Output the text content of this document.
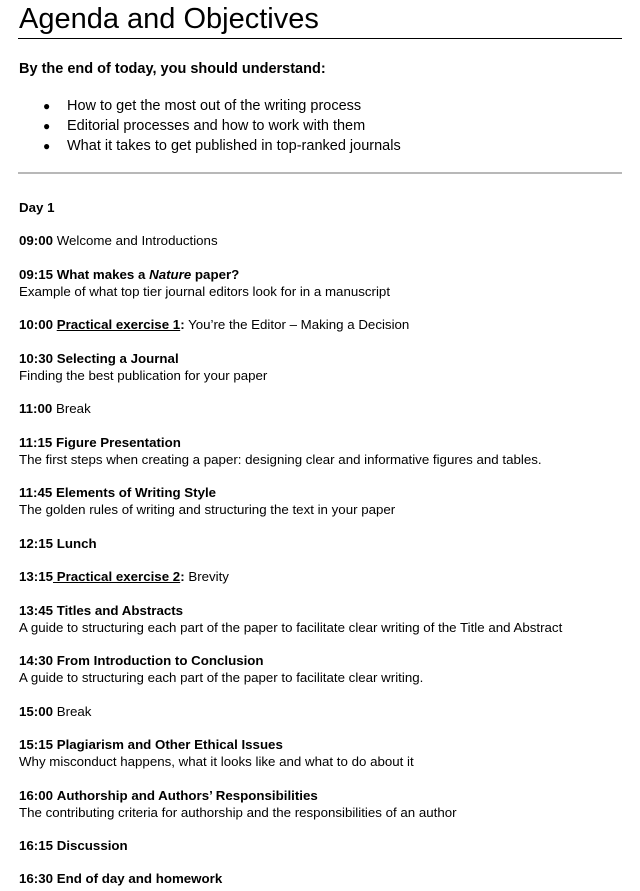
Agenda and Objectives
By the end of today, you should understand:
● How to get the most out of the writing process
● Editorial processes and how to work with them
● What it takes to get published in top-ranked journals
Day 1
09:00 Welcome and Introductions
09:15 What makes a Nature paper?
Example of what top tier journal editors look for in a manuscript
10:00 Practical exercise 1: You’re the Editor – Making a Decision
10:30 Selecting a Journal
Finding the best publication for your paper
11:00 Break
11:15 Figure Presentation
The first steps when creating a paper: designing clear and informative figures and tables.
11:45 Elements of Writing Style
The golden rules of writing and structuring the text in your paper
12:15 Lunch
13:15 Practical exercise 2: Brevity
13:45 Titles and Abstracts
A guide to structuring each part of the paper to facilitate clear writing of the Title and Abstract
14:30 From Introduction to Conclusion
A guide to structuring each part of the paper to facilitate clear writing.
15:00 Break
15:15 Plagiarism and Other Ethical Issues
Why misconduct happens, what it looks like and what to do about it
16:00 Authorship and Authors’ Responsibilities
The contributing criteria for authorship and the responsibilities of an author
16:15 Discussion
16:30 End of day and homework
